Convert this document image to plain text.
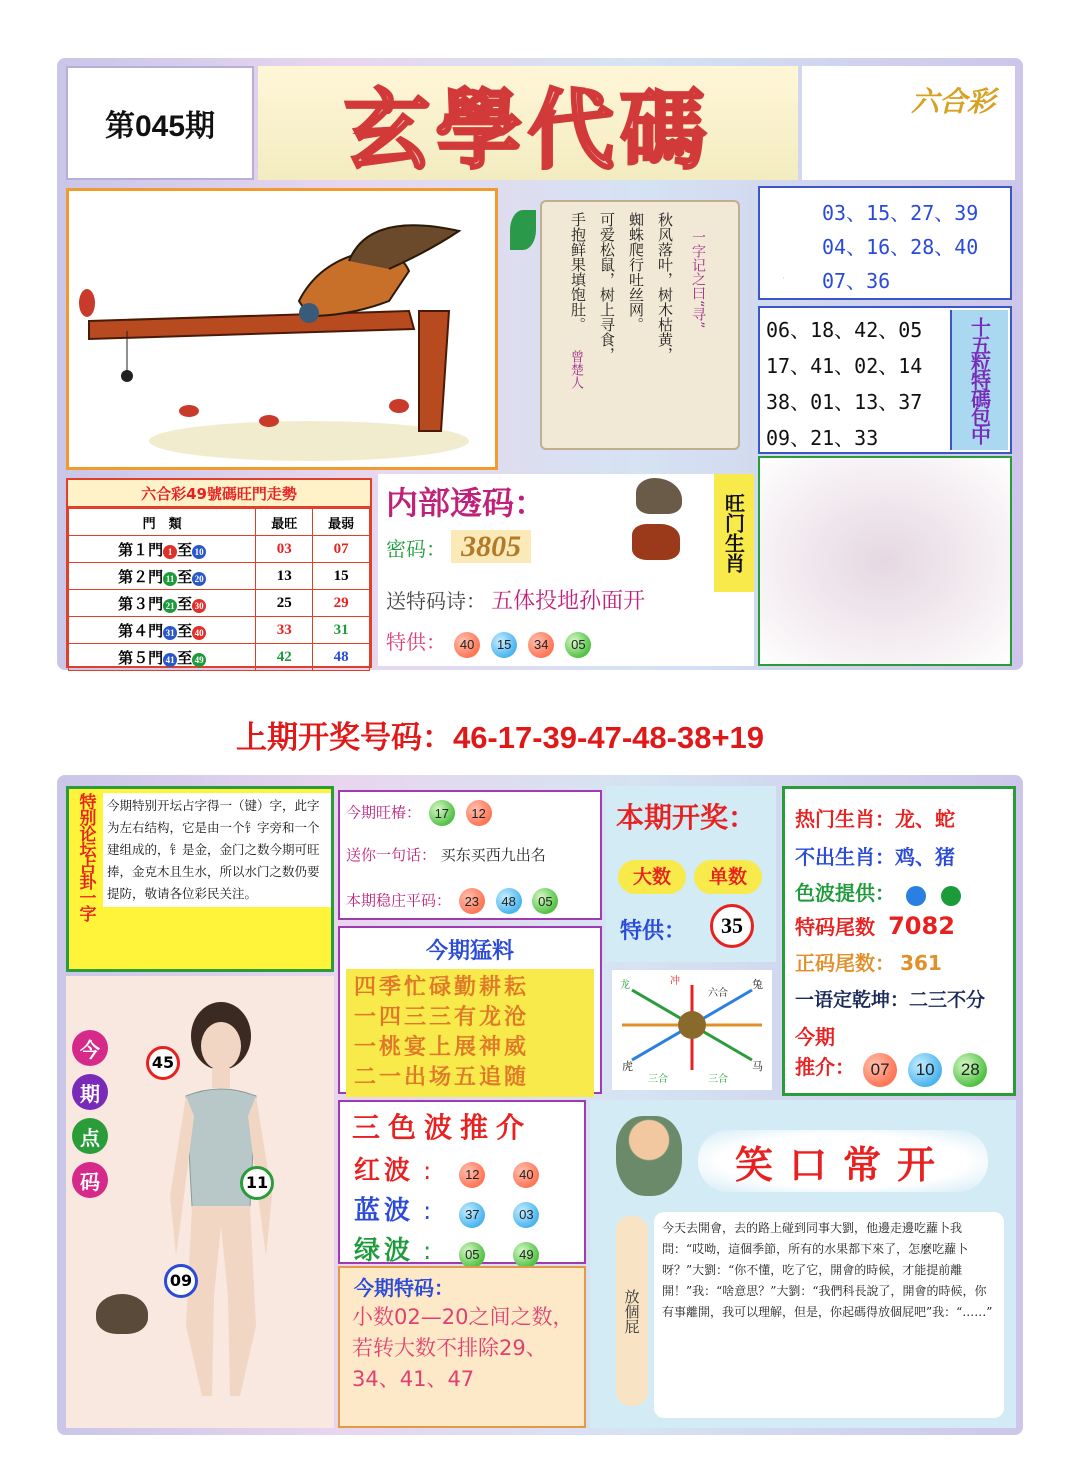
第045期 玄學代碼	六合彩
一字记之曰“寻”
秋风落叶，树木枯黄，
蜘蛛爬行吐丝网。
可爱松鼠，树上寻食，
手抱鲜果填饱肚。
曾楚人
空七號碼 03、15、27、39
04、16、28、40
07、36
06、18、42、05
17、41、02、14
38、01、13、37
09、21、33	十五粒特碼包中
六合彩49號碼旺門走勢
門　類	最旺	最弱
第１門 1 至 10	03	07
第２門 11 至 20	13	15
第３門 21 至 30	25	29
第４門 31 至 40	33	31
第５門 41 至 49	42	48
内部透码：
密码： 3805
送特码诗： 五体投地孙面开
特供： 40 15 34 05
旺门生肖
上期开奖号码：46-17-39-47-48-38+19
特别论坛占卦一字 今期特别开坛占字得一（键）字，此字为左右结构，它是由一个钅字旁和一个建组成的，钅是金，金门之数今期可旺捧，金克木且生水，所以水门之数仍要提防，敬请各位彩民关注。
今期旺椿： 17 12
送你一句话： 买东买西九出名
本期稳庄平码： 23 48 05
本期开奖：
大数	单数
特供：	35
热门生肖：龙、蛇
不出生肖：鸡、猪
色波提供：
特码尾数 7082
正码尾数： 361
一语定乾坤：二三不分
今期
推介： 07 10 28
今期猛料
四季忙碌勤耕耘
一四三三有龙沧
一桃宴上展神威
二一出场五追随
龙	冲
六合
兔
虎
三合	三合
马
今
期
点
码
45
11
09
三色波推介
红波 :	12	40
蓝波 :	37	03
绿波 :	05	49
今期特码：
小数02—20之间之数，若转大数不排除29、34、41、47
笑口常开
放個屁
今天去開會，去的路上碰到同事大劉，他邊走邊吃蘿卜我問：“哎呦，這個季節，所有的水果都下來了，怎麼吃蘿卜呀？”大劉：“你不懂，吃了它，開會的時候，才能提前離開！”我：“啥意思？”大劉：“我們科長說了，開會的時候，你有事離開，我可以理解，但是，你起碼得放個屁吧”我：“……”
